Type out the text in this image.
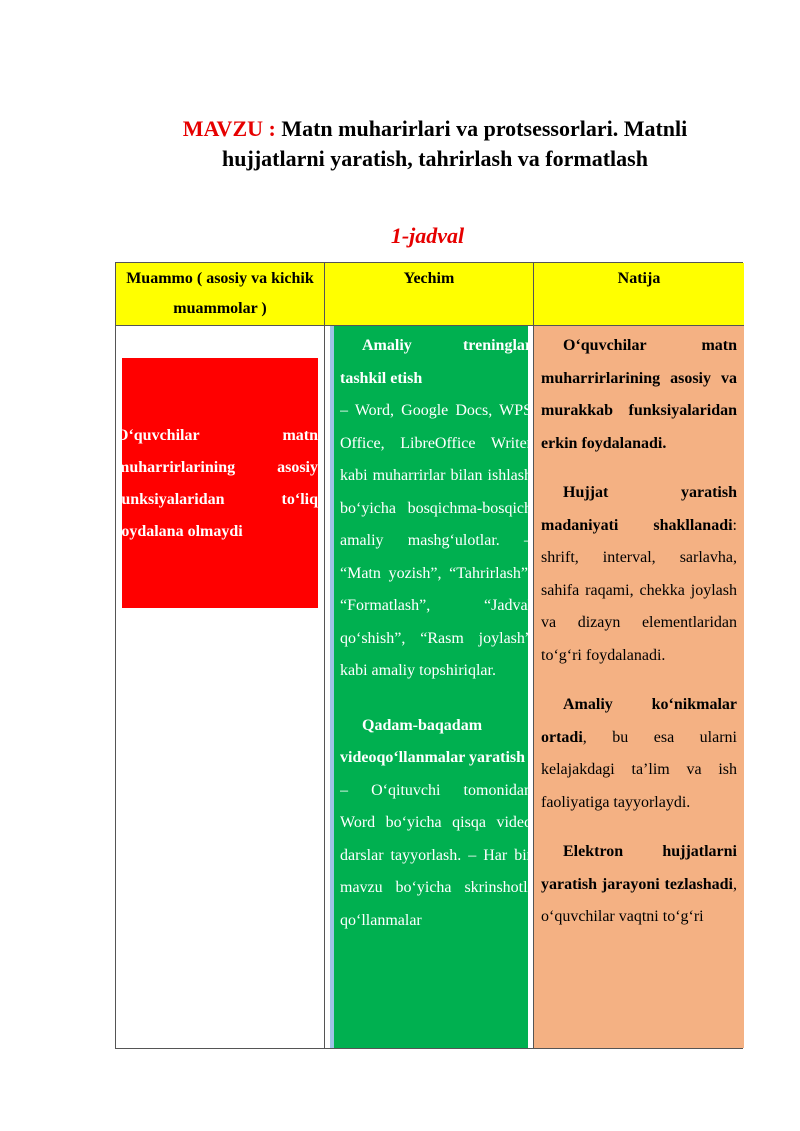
MAVZU : Matn muharirlari va protsessorlari. Matnli hujjatlarni yaratish, tahrirlash va formatlash
1-jadval
Muammo ( asosiy va kichik muammolar )
Yechim	Natija
O‘quvchilar matn muharrirlarining asosiy funksiyalaridan to‘liq foydalana olmaydi

Amaliy treninglar tashkil etish

– Word, Google Docs, WPS Office, LibreOffice Writer kabi muharrirlar bilan ishlash bo‘yicha bosqichma-bosqich amaliy mashg‘ulotlar. – “Matn yozish”, “Tahrirlash”, “Formatlash”, “Jadval qo‘shish”, “Rasm joylash” kabi amaliy topshiriqlar.

Qadam-baqadam videoqo‘llanmalar yaratish

– O‘qituvchi tomonidan Word bo‘yicha qisqa video darslar tayyorlash. – Har bir mavzu bo‘yicha skrinshotli qo‘llanmalar

O‘quvchilar matn muharrirlarining asosiy va murakkab funksiyalaridan erkin foydalanadi.

Hujjat yaratish madaniyati shakllanadi: shrift, interval, sarlavha, sahifa raqami, chekka joylash va dizayn elementlaridan to‘g‘ri foydalanadi.

Amaliy ko‘nikmalar ortadi, bu esa ularni kelajakdagi ta’lim va ish faoliyatiga tayyorlaydi.

Elektron hujjatlarni yaratish jarayoni tezlashadi, o‘quvchilar vaqtni to‘g‘ri
